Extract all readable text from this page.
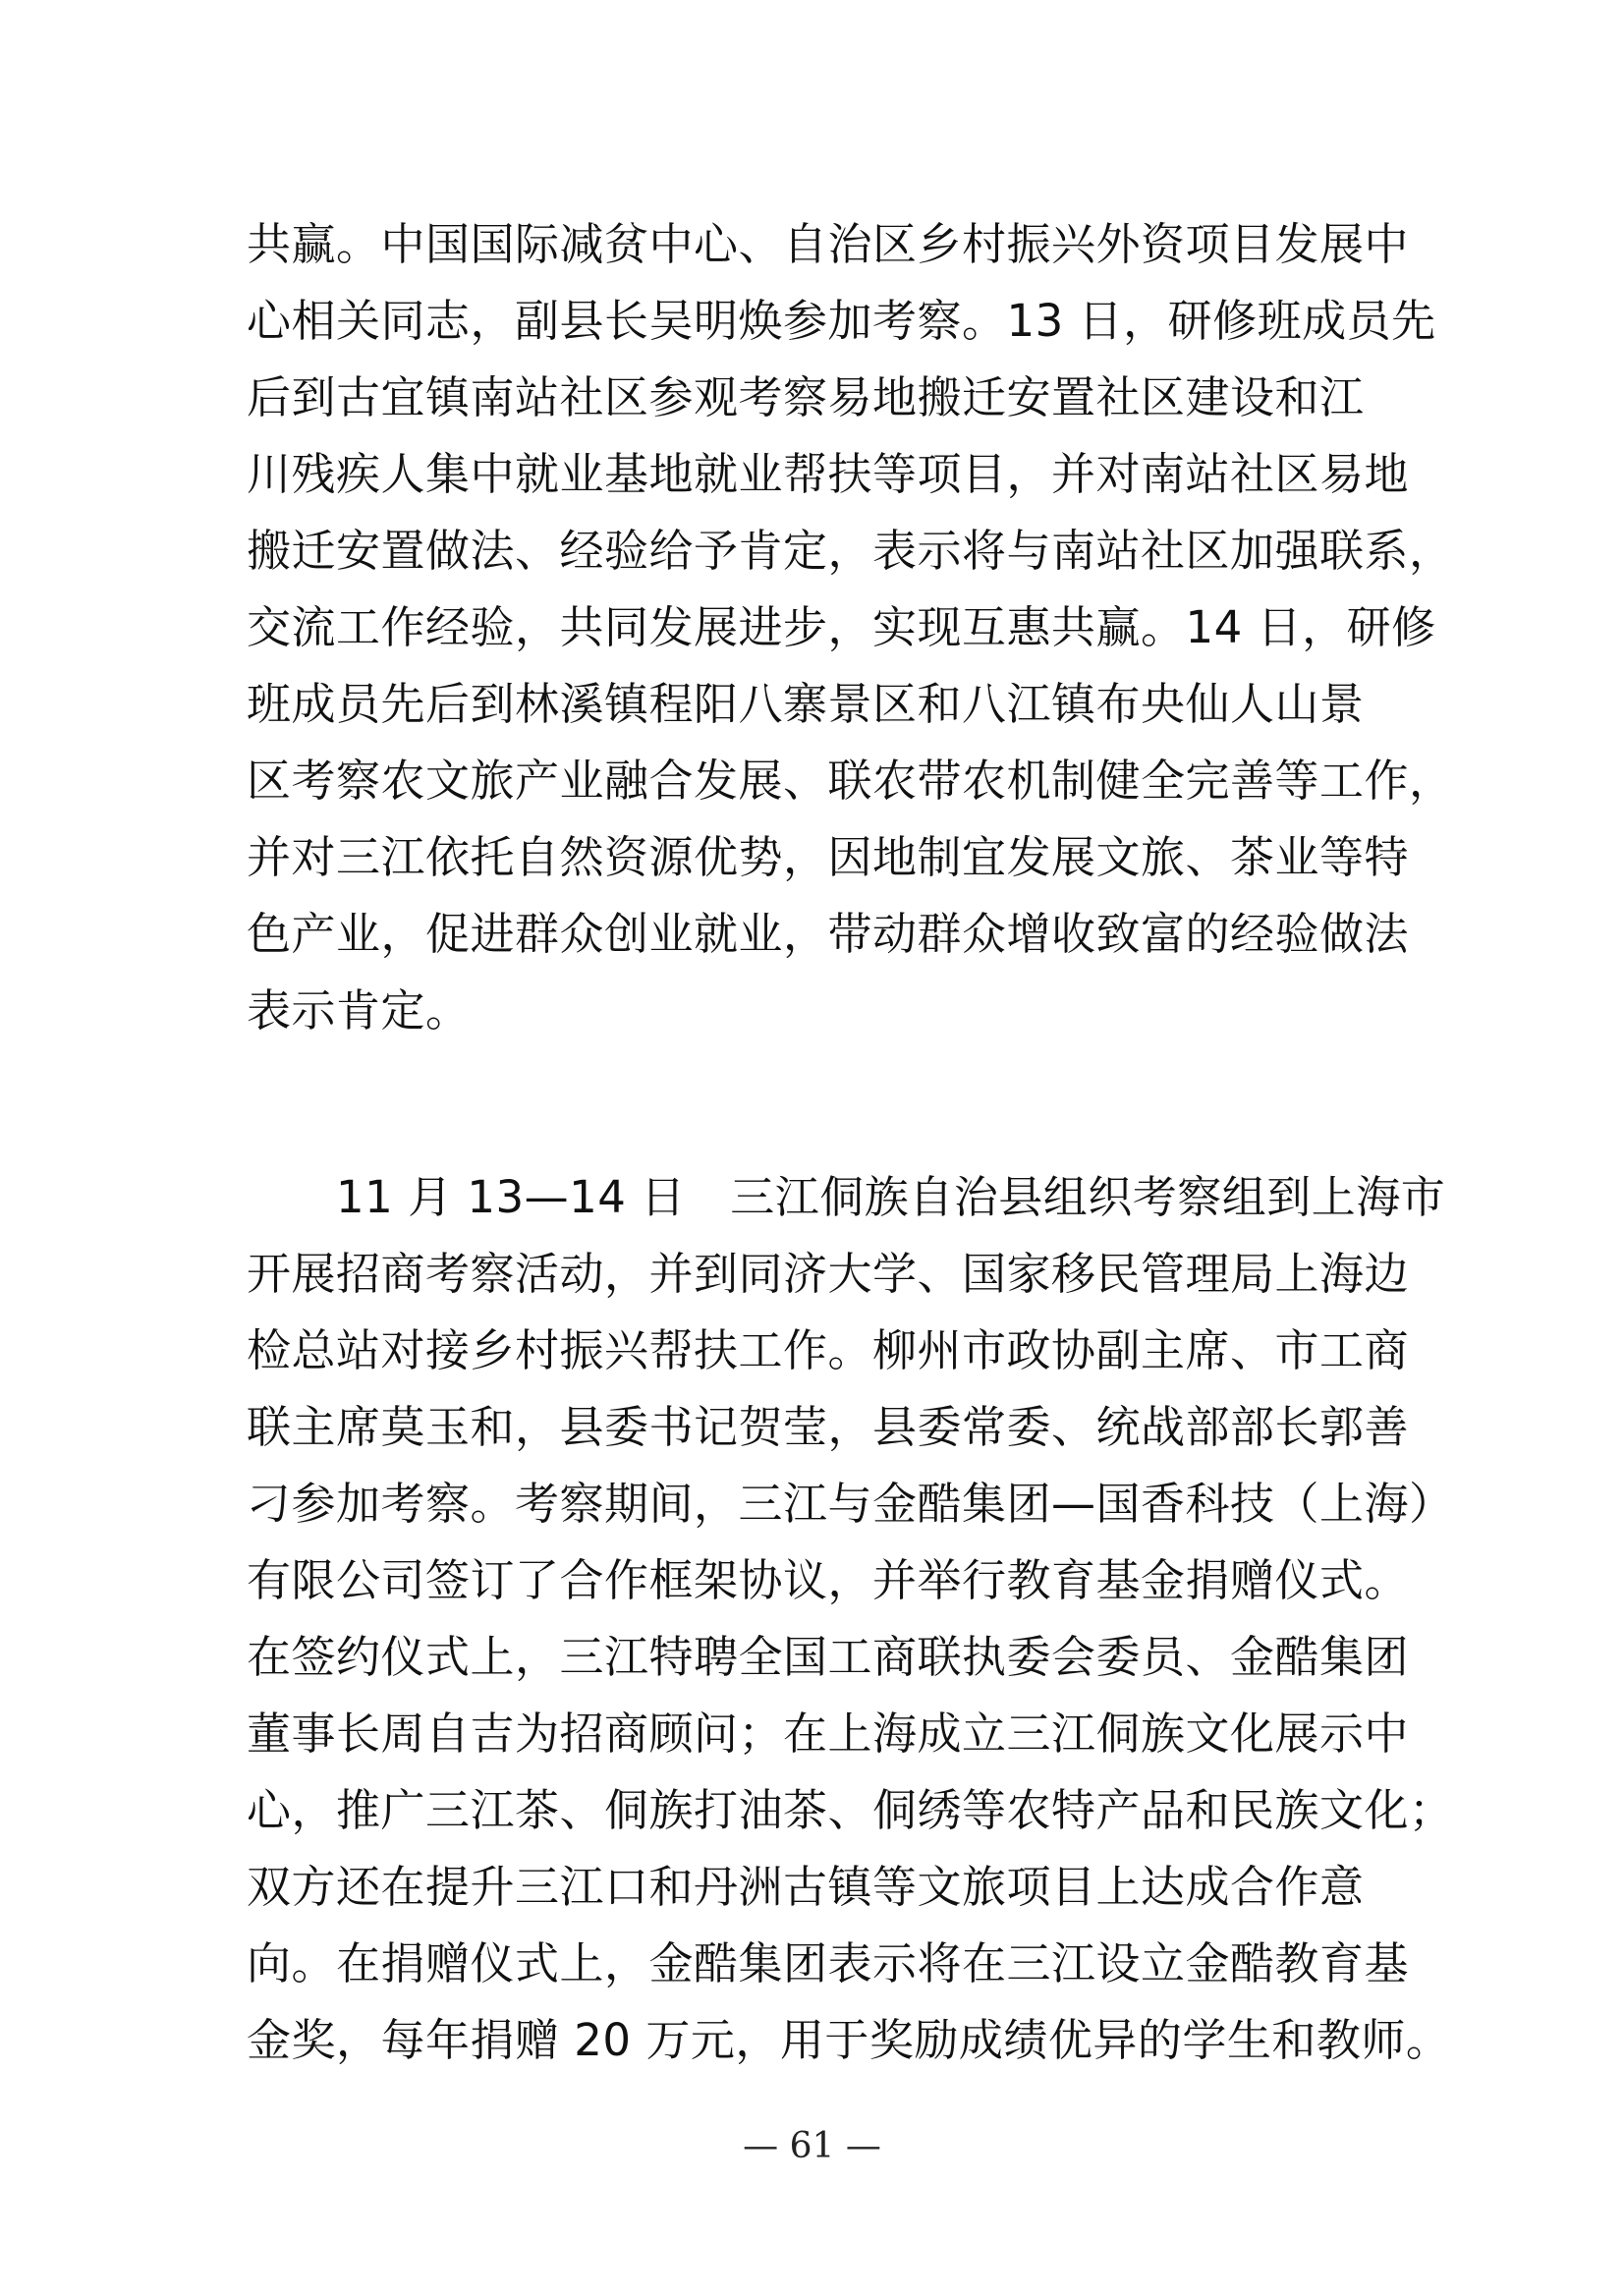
共赢。中国国际减贫中心、自治区乡村振兴外资项目发展中
心相关同志，副县长吴明焕参加考察。13 日，研修班成员先
后到古宜镇南站社区参观考察易地搬迁安置社区建设和江
川残疾人集中就业基地就业帮扶等项目，并对南站社区易地
搬迁安置做法、经验给予肯定，表示将与南站社区加强联系，
交流工作经验，共同发展进步，实现互惠共赢。14 日，研修
班成员先后到林溪镇程阳八寨景区和八江镇布央仙人山景
区考察农文旅产业融合发展、联农带农机制健全完善等工作，
并对三江依托自然资源优势，因地制宜发展文旅、茶业等特
色产业，促进群众创业就业，带动群众增收致富的经验做法
表示肯定。
　　11 月 13—14 日　三江侗族自治县组织考察组到上海市
开展招商考察活动，并到同济大学、国家移民管理局上海边
检总站对接乡村振兴帮扶工作。柳州市政协副主席、市工商
联主席莫玉和，县委书记贺莹，县委常委、统战部部长郭善
刁参加考察。考察期间，三江与金酷集团—国香科技（上海）
有限公司签订了合作框架协议，并举行教育基金捐赠仪式。
在签约仪式上，三江特聘全国工商联执委会委员、金酷集团
董事长周自吉为招商顾问；在上海成立三江侗族文化展示中
心，推广三江茶、侗族打油茶、侗绣等农特产品和民族文化；
双方还在提升三江口和丹洲古镇等文旅项目上达成合作意
向。在捐赠仪式上，金酷集团表示将在三江设立金酷教育基
金奖，每年捐赠 20 万元，用于奖励成绩优异的学生和教师。
— 61 —
